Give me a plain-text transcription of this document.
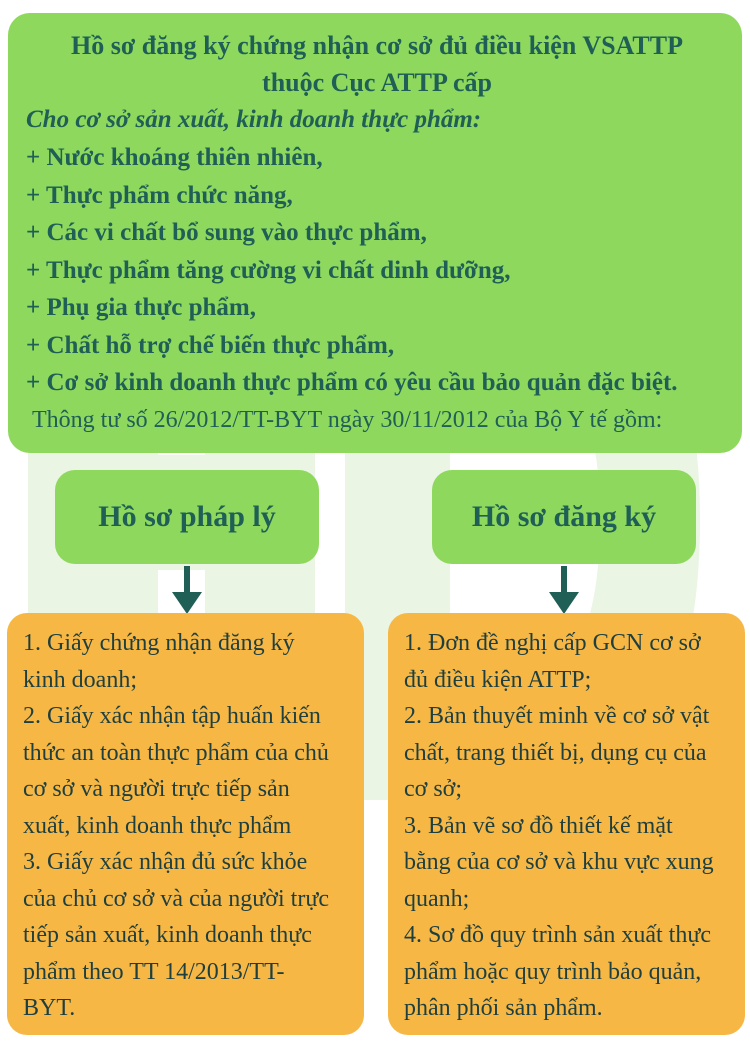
Hồ sơ đăng ký chứng nhận cơ sở đủ điều kiện VSATTP
thuộc Cục ATTP cấp
Cho cơ sở sản xuất, kinh doanh thực phẩm:
+ Nước khoáng thiên nhiên,
+ Thực phẩm chức năng,
+ Các vi chất bổ sung vào thực phẩm,
+ Thực phẩm tăng cường vi chất dinh dưỡng,
+ Phụ gia thực phẩm,
+ Chất hỗ trợ chế biến thực phẩm,
+ Cơ sở kinh doanh thực phẩm có yêu cầu bảo quản đặc biệt.
Thông tư số 26/2012/TT-BYT ngày 30/11/2012 của Bộ Y tế gồm:
Hồ sơ pháp lý	Hồ sơ đăng ký
1. Giấy chứng nhận đăng ký
kinh doanh;
2. Giấy xác nhận tập huấn kiến
thức an toàn thực phẩm của chủ
cơ sở và người trực tiếp sản
xuất, kinh doanh thực phẩm
3. Giấy xác nhận đủ sức khỏe
của chủ cơ sở và của người trực
tiếp sản xuất, kinh doanh thực
phẩm theo TT 14/2013/TT-
BYT.
1. Đơn đề nghị cấp GCN cơ sở
đủ điều kiện ATTP;
2. Bản thuyết minh về cơ sở vật
chất, trang thiết bị, dụng cụ của
cơ sở;
3. Bản vẽ sơ đồ thiết kế mặt
bằng của cơ sở và khu vực xung
quanh;
4. Sơ đồ quy trình sản xuất thực
phẩm hoặc quy trình bảo quản,
phân phối sản phẩm.
